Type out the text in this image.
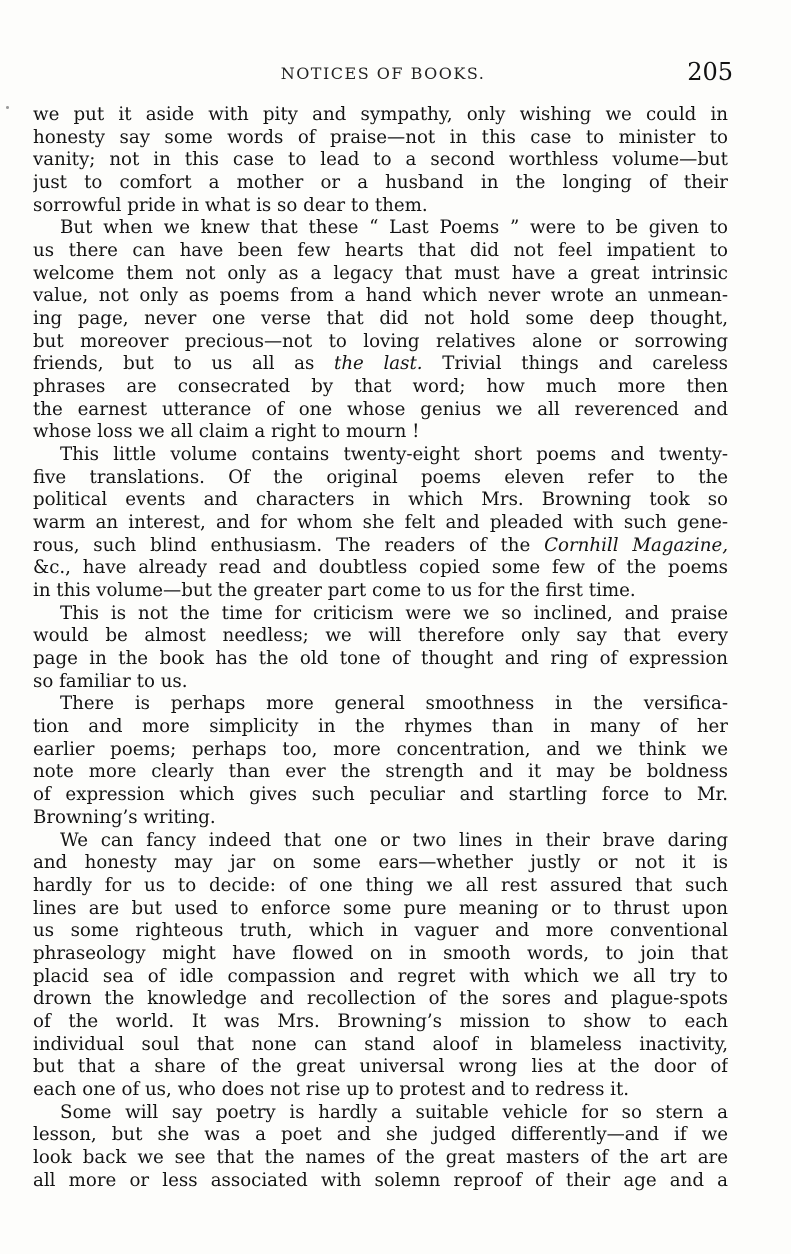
NOTICES OF BOOKS.	205
we put it aside with pity and sympathy, only wishing we could in
honesty say some words of praise—not in this case to minister to
vanity; not in this case to lead to a second worthless volume—but
just to comfort a mother or a husband in the longing of their
sorrowful pride in what is so dear to them.
But when we knew that these “ Last Poems ” were to be given to
us there can have been few hearts that did not feel impatient to
welcome them not only as a legacy that must have a great intrinsic
value, not only as poems from a hand which never wrote an unmean-
ing page, never one verse that did not hold some deep thought,
but moreover precious—not to loving relatives alone or sorrowing
friends, but to us all as the last. Trivial things and careless
phrases are consecrated by that word; how much more then
the earnest utterance of one whose genius we all reverenced and
whose loss we all claim a right to mourn !
This little volume contains twenty-eight short poems and twenty-
five translations. Of the original poems eleven refer to the
political events and characters in which Mrs. Browning took so
warm an interest, and for whom she felt and pleaded with such gene-
rous, such blind enthusiasm. The readers of the Cornhill Magazine,
&c., have already read and doubtless copied some few of the poems
in this volume—but the greater part come to us for the first time.
This is not the time for criticism were we so inclined, and praise
would be almost needless; we will therefore only say that every
page in the book has the old tone of thought and ring of expression
so familiar to us.
There is perhaps more general smoothness in the versifica-
tion and more simplicity in the rhymes than in many of her
earlier poems; perhaps too, more concentration, and we think we
note more clearly than ever the strength and it may be boldness
of expression which gives such peculiar and startling force to Mr.
Browning’s writing.
We can fancy indeed that one or two lines in their brave daring
and honesty may jar on some ears—whether justly or not it is
hardly for us to decide: of one thing we all rest assured that such
lines are but used to enforce some pure meaning or to thrust upon
us some righteous truth, which in vaguer and more conventional
phraseology might have flowed on in smooth words, to join that
placid sea of idle compassion and regret with which we all try to
drown the knowledge and recollection of the sores and plague-spots
of the world. It was Mrs. Browning’s mission to show to each
individual soul that none can stand aloof in blameless inactivity,
but that a share of the great universal wrong lies at the door of
each one of us, who does not rise up to protest and to redress it.
Some will say poetry is hardly a suitable vehicle for so stern a
lesson, but she was a poet and she judged differently—and if we
look back we see that the names of the great masters of the art are
all more or less associated with solemn reproof of their age and a
